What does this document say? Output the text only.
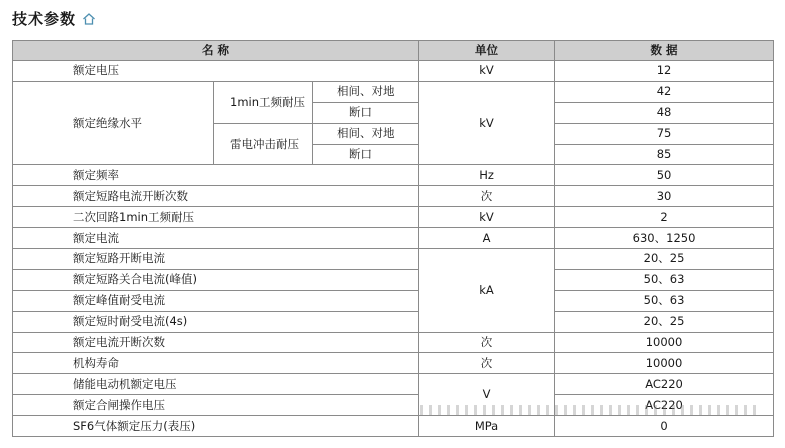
技术参数
名 称			单位	数 据
额定电压			kV	12
额定绝缘水平	1min工频耐压	相间、对地	kV	42
		断口		48
	雷电冲击耐压	相间、对地		75
		断口		85
额定频率			Hz	50
额定短路电流开断次数			次	30
二次回路1min工频耐压			kV	2
额定电流			A	630、1250
额定短路开断电流			kA	20、25
额定短路关合电流(峰值)				50、63
额定峰值耐受电流				50、63
额定短时耐受电流(4s)				20、25
额定电流开断次数			次	10000
机构寿命			次	10000
储能电动机额定电压			V	AC220
额定合闸操作电压				AC220
SF6气体额定压力(表压)			MPa	0
